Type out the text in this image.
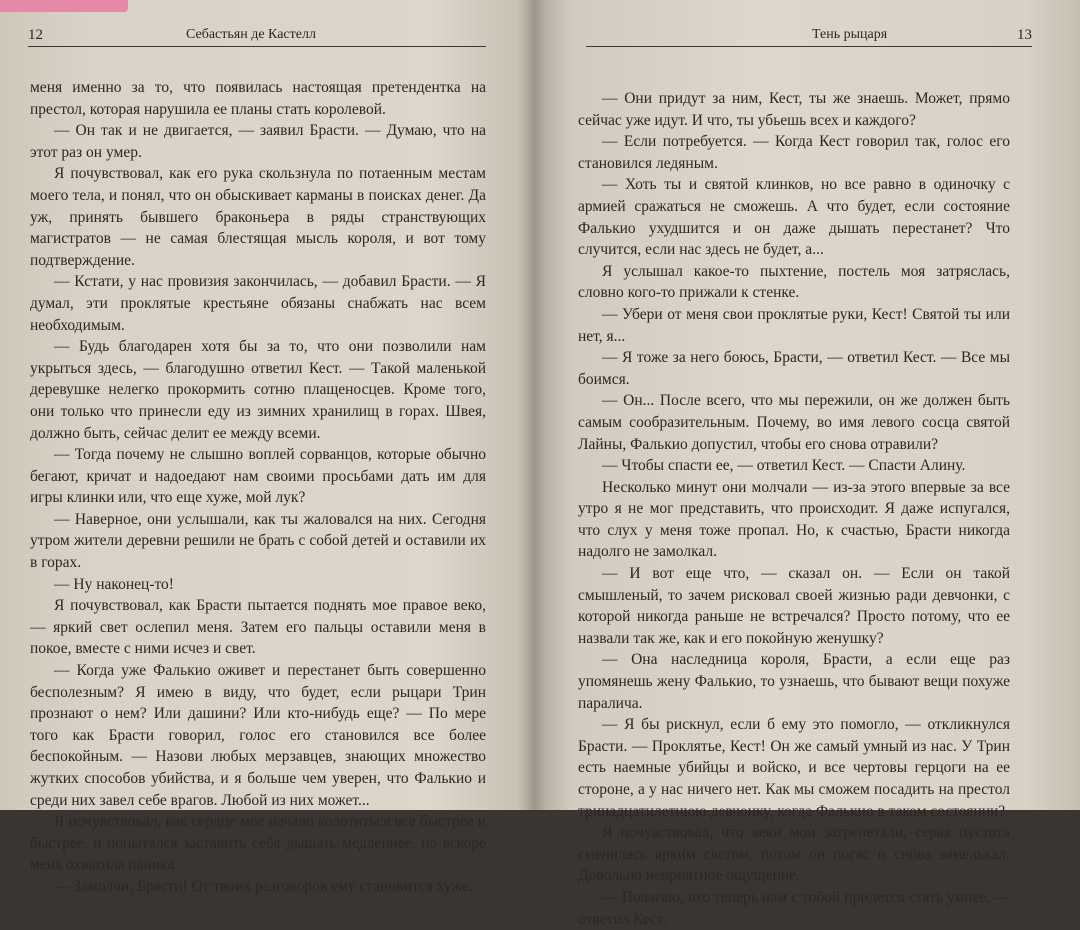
12	Себастьян де Кастелл

меня именно за то, что появилась настоящая претендентка на престол, которая нарушила ее планы стать королевой.

— Он так и не двигается, — заявил Брасти. — Думаю, что на этот раз он умер.

Я почувствовал, как его рука скользнула по потаенным местам моего тела, и понял, что он обыскивает карманы в поисках денег. Да уж, принять бывшего браконьера в ряды странствующих магистратов — не самая блестящая мысль короля, и вот тому подтверждение.

— Кстати, у нас провизия закончилась, — добавил Брасти. — Я думал, эти проклятые крестьяне обязаны снабжать нас всем необходимым.

— Будь благодарен хотя бы за то, что они позволили нам укрыться здесь, — благодушно ответил Кест. — Такой маленькой деревушке нелегко прокормить сотню плащеносцев. Кроме того, они только что принесли еду из зимних хранилищ в горах. Швея, должно быть, сейчас делит ее между всеми.

— Тогда почему не слышно воплей сорванцов, которые обычно бегают, кричат и надоедают нам своими просьбами дать им для игры клинки или, что еще хуже, мой лук?

— Наверное, они услышали, как ты жаловался на них. Сегодня утром жители деревни решили не брать с собой детей и оставили их в горах.

— Ну наконец-то!

Я почувствовал, как Брасти пытается поднять мое правое веко, — яркий свет ослепил меня. Затем его пальцы оставили меня в покое, вместе с ними исчез и свет.

— Когда уже Фалькио оживет и перестанет быть совершенно бесполезным? Я имею в виду, что будет, если рыцари Трин прознают о нем? Или дашини? Или кто-нибудь еще? — По мере того как Брасти говорил, голос его становился все более беспокойным. — Назови любых мерзавцев, знающих множество жутких способов убийства, и я больше чем уверен, что Фалькио и среди них завел себе врагов. Любой из них может...

Я почувствовал, как сердце мое начало колотиться все быстрее и быстрее, и попытался заставить себя дышать медленнее, но вскоре меня охватила паника.

— Замолчи, Брасти! От твоих разговоров ему становится хуже.

Тень рыцаря	13

— Они придут за ним, Кест, ты же знаешь. Может, прямо сейчас уже идут. И что, ты убьешь всех и каждого?

— Если потребуется. — Когда Кест говорил так, голос его становился ледяным.

— Хоть ты и святой клинков, но все равно в одиночку с армией сражаться не сможешь. А что будет, если состояние Фалькио ухудшится и он даже дышать перестанет? Что случится, если нас здесь не будет, а...

Я услышал какое-то пыхтение, постель моя затряслась, словно кого-то прижали к стенке.

— Убери от меня свои проклятые руки, Кест! Святой ты или нет, я...

— Я тоже за него боюсь, Брасти, — ответил Кест. — Все мы боимся.

— Он... После всего, что мы пережили, он же должен быть самым сообразительным. Почему, во имя левого сосца святой Лайны, Фалькио допустил, чтобы его снова отравили?

— Чтобы спасти ее, — ответил Кест. — Спасти Алину.

Несколько минут они молчали — из-за этого впервые за все утро я не мог представить, что происходит. Я даже испугался, что слух у меня тоже пропал. Но, к счастью, Брасти никогда надолго не замолкал.

— И вот еще что, — сказал он. — Если он такой смышленый, то зачем рисковал своей жизнью ради девчонки, с которой никогда раньше не встречался? Просто потому, что ее назвали так же, как и его покойную женушку?

— Она наследница короля, Брасти, а если еще раз упомянешь жену Фалькио, то узнаешь, что бывают вещи похуже паралича.

— Я бы рискнул, если б ему это помогло, — откликнулся Брасти. — Проклятье, Кест! Он же самый умный из нас. У Трин есть наемные убийцы и войско, и все чертовы герцоги на ее стороне, а у нас ничего нет. Как мы сможем посадить на престол тринадцатилетнюю девчонку, когда Фалькио в таком состоянии?

Я почувствовал, что веки мои затрепетали, серая пустота сменилась ярким светом, потом он погас и снова замелькал. Довольно неприятное ощущение.

— Полагаю, что теперь нам с тобой придется стать умнее, — ответил Кест.
